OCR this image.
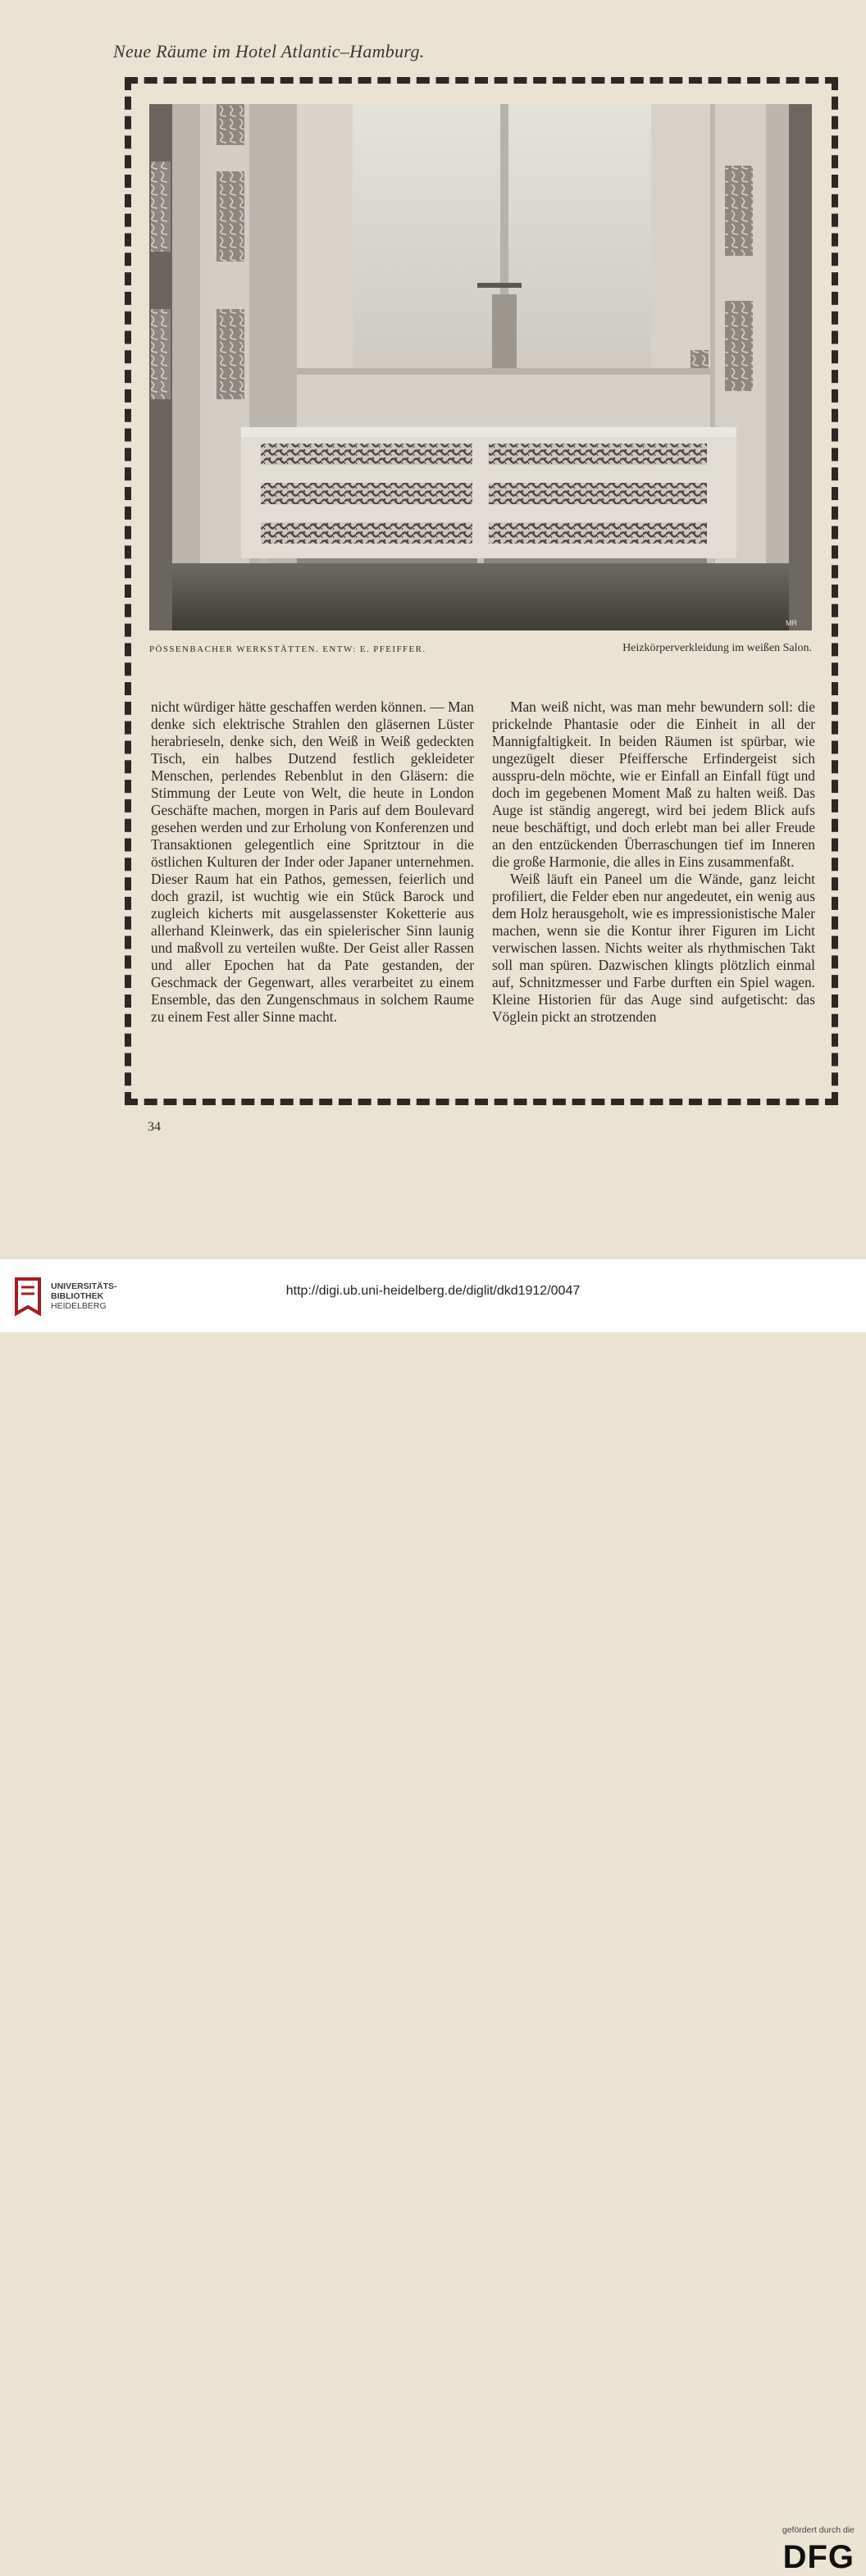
Neue Räume im Hotel Atlantic–Hamburg.
MR
PÖSSENBACHER WERKSTÄTTEN. ENTW: E. PFEIFFER.	Heizkörperverkleidung im weißen Salon.

nicht würdiger hätte geschaffen werden können. — Man denke sich elektrische Strahlen den gläsernen Lüster herabrieseln, denke sich, den Weiß in Weiß gedeckten Tisch, ein halbes Dutzend festlich gekleideter Menschen, perlendes Rebenblut in den Gläsern: die Stimmung der Leute von Welt, die heute in London Geschäfte machen, morgen in Paris auf dem Boulevard gesehen werden und zur Erholung von Konferenzen und Transaktionen gelegentlich eine Spritztour in die östlichen Kulturen der Inder oder Japaner unternehmen. Dieser Raum hat ein Pathos, gemessen, feierlich und doch grazil, ist wuchtig wie ein Stück Barock und zugleich kicherts mit ausgelassenster Koketterie aus allerhand Kleinwerk, das ein spielerischer Sinn launig und maßvoll zu verteilen wußte. Der Geist aller Rassen und aller Epochen hat da Pate gestanden, der Geschmack der Gegenwart, alles verarbeitet zu einem Ensemble, das den Zungenschmaus in solchem Raume zu einem Fest aller Sinne macht.

Man weiß nicht, was man mehr bewundern soll: die prickelnde Phantasie oder die Einheit in all der Mannigfaltigkeit. In beiden Räumen ist spürbar, wie ungezügelt dieser Pfeiffersche Erfindergeist sich ausspru-deln möchte, wie er Einfall an Einfall fügt und doch im gegebenen Moment Maß zu halten weiß. Das Auge ist ständig angeregt, wird bei jedem Blick aufs neue beschäftigt, und doch erlebt man bei aller Freude an den entzückenden Überraschungen tief im Inneren die große Harmonie, die alles in Eins zusammenfaßt.

Weiß läuft ein Paneel um die Wände, ganz leicht profiliert, die Felder eben nur angedeutet, ein wenig aus dem Holz herausgeholt, wie es impressionistische Maler machen, wenn sie die Kontur ihrer Figuren im Licht verwischen lassen. Nichts weiter als rhythmischen Takt soll man spüren. Dazwischen klingts plötzlich einmal auf, Schnitzmesser und Farbe durften ein Spiel wagen. Kleine Historien für das Auge sind aufgetischt: das Vöglein pickt an strotzenden

34
UNIVERSITÄTS-
BIBLIOTHEK
HEIDELBERG
gefördert durch die
DFG
http://digi.ub.uni-heidelberg.de/diglit/dkd1912/0047
